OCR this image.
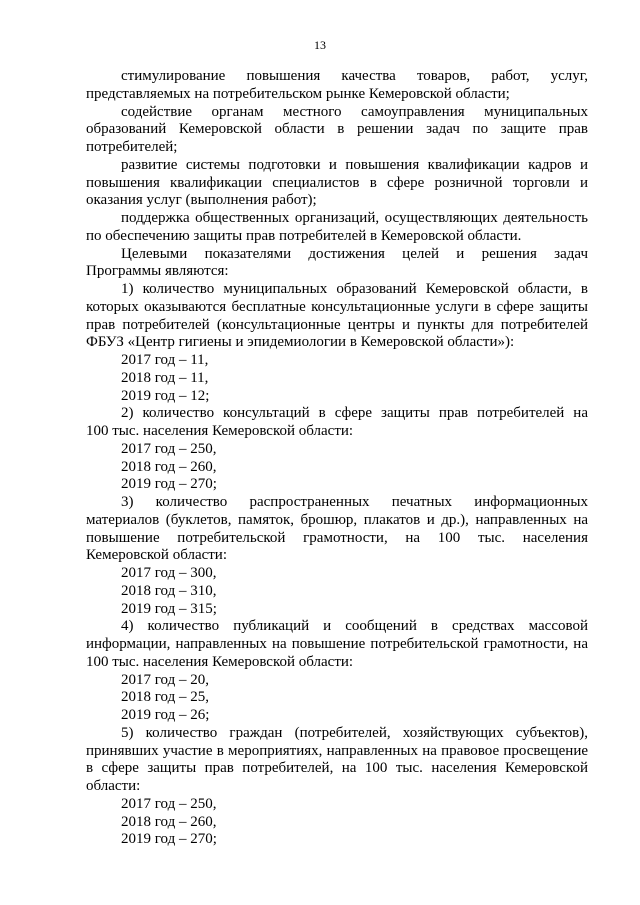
13
стимулирование повышения качества товаров, работ, услуг,
представляемых на потребительском рынке Кемеровской области;
содействие органам местного самоуправления муниципальных
образований Кемеровской области в решении задач по защите прав
потребителей;
развитие системы подготовки и повышения квалификации кадров и
повышения квалификации специалистов в сфере розничной торговли и
оказания услуг (выполнения работ);
поддержка общественных организаций, осуществляющих деятельность
по обеспечению защиты прав потребителей в Кемеровской области.
Целевыми показателями достижения целей и решения задач
Программы являются:
1) количество муниципальных образований Кемеровской области, в
которых оказываются бесплатные консультационные услуги в сфере защиты
прав потребителей (консультационные центры и пункты для потребителей
ФБУЗ «Центр гигиены и эпидемиологии в Кемеровской области»):
2017 год – 11,
2018 год – 11,
2019 год – 12;
2) количество консультаций в сфере защиты прав потребителей на
100 тыс. населения Кемеровской области:
2017 год – 250,
2018 год – 260,
2019 год – 270;
3) количество распространенных печатных информационных
материалов (буклетов, памяток, брошюр, плакатов и др.), направленных на
повышение потребительской грамотности, на 100 тыс. населения
Кемеровской области:
2017 год – 300,
2018 год – 310,
2019 год – 315;
4) количество публикаций и сообщений в средствах массовой
информации, направленных на повышение потребительской грамотности, на
100 тыс. населения Кемеровской области:
2017 год – 20,
2018 год – 25,
2019 год – 26;
5) количество граждан (потребителей, хозяйствующих субъектов),
принявших участие в мероприятиях, направленных на правовое просвещение
в сфере защиты прав потребителей, на 100 тыс. населения Кемеровской
области:
2017 год – 250,
2018 год – 260,
2019 год – 270;
